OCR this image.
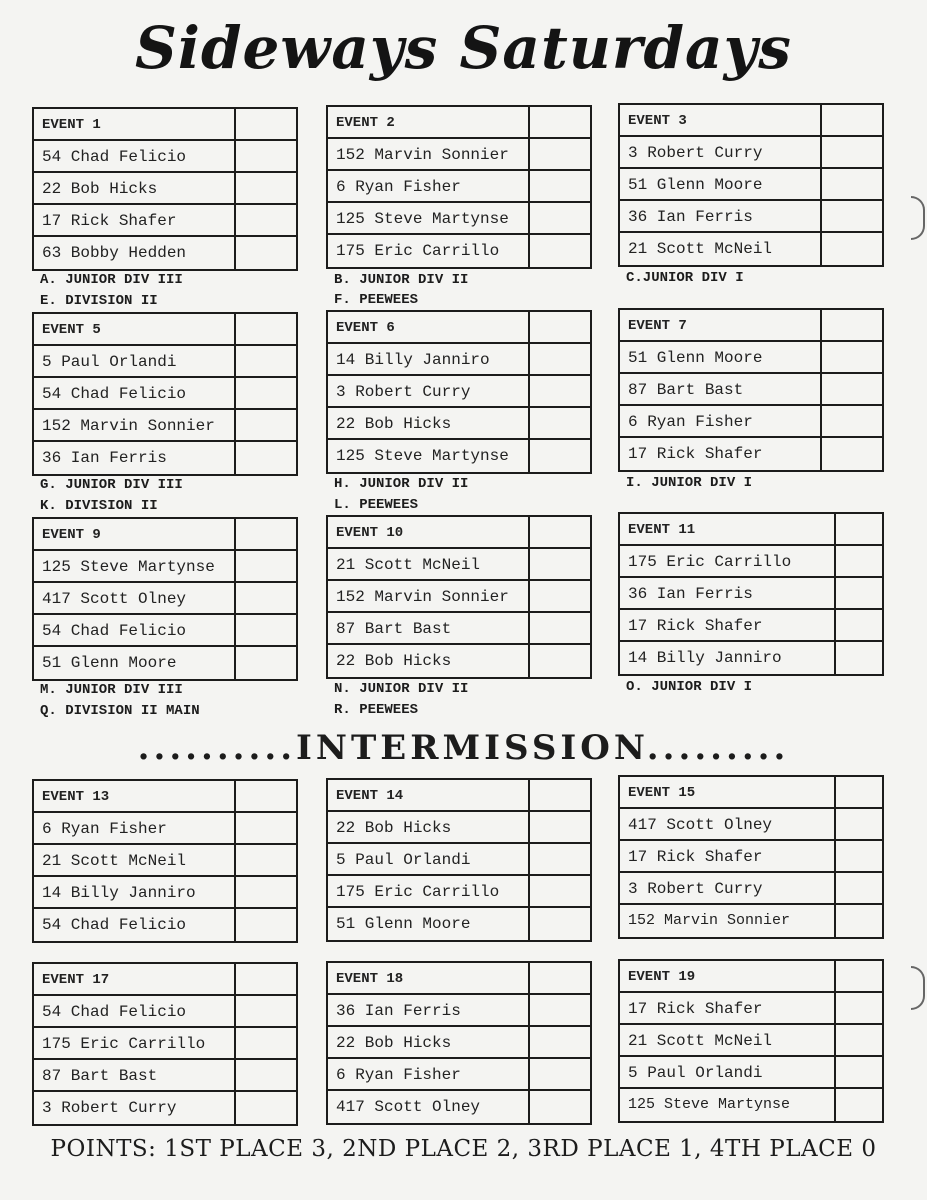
Sideways Saturdays
EVENT 1
54 Chad Felicio
22 Bob Hicks
17 Rick Shafer
63 Bobby Hedden
EVENT 2
152 Marvin Sonnier
6 Ryan Fisher
125 Steve Martynse
175 Eric Carrillo
EVENT 3
3 Robert Curry
51 Glenn Moore
36 Ian Ferris
21 Scott McNeil
A. JUNIOR DIV III
E. DIVISION II
B. JUNIOR DIV II
F. PEEWEES
C.JUNIOR DIV I
EVENT 5
5 Paul Orlandi
54 Chad Felicio
152 Marvin Sonnier
36 Ian Ferris
EVENT 6
14 Billy Janniro
3 Robert Curry
22 Bob Hicks
125 Steve Martynse
EVENT 7
51 Glenn Moore
87 Bart Bast
6 Ryan Fisher
17 Rick Shafer
G. JUNIOR DIV III
K. DIVISION II
H. JUNIOR DIV II
L. PEEWEES
I. JUNIOR DIV I
EVENT 9
125 Steve Martynse
417 Scott Olney
54 Chad Felicio
51 Glenn Moore
EVENT 10
21 Scott McNeil
152 Marvin Sonnier
87 Bart Bast
22 Bob Hicks
EVENT 11
175 Eric Carrillo
36 Ian Ferris
17 Rick Shafer
14 Billy Janniro
M. JUNIOR DIV III
Q. DIVISION II MAIN
N. JUNIOR DIV II
R. PEEWEES
O. JUNIOR DIV I
..........INTERMISSION.........
EVENT 13
6 Ryan Fisher
21 Scott McNeil
14 Billy Janniro
54 Chad Felicio
EVENT 14
22 Bob Hicks
5 Paul Orlandi
175 Eric Carrillo
51 Glenn Moore
EVENT 15
417 Scott Olney
17 Rick Shafer
3 Robert Curry
152 Marvin Sonnier
EVENT 17
54 Chad Felicio
175 Eric Carrillo
87 Bart Bast
3 Robert Curry
EVENT 18
36 Ian Ferris
22 Bob Hicks
6 Ryan Fisher
417 Scott Olney
EVENT 19
17 Rick Shafer
21 Scott McNeil
5 Paul Orlandi
125 Steve Martynse
POINTS: 1ST PLACE 3, 2ND PLACE 2, 3RD PLACE 1, 4TH PLACE 0
